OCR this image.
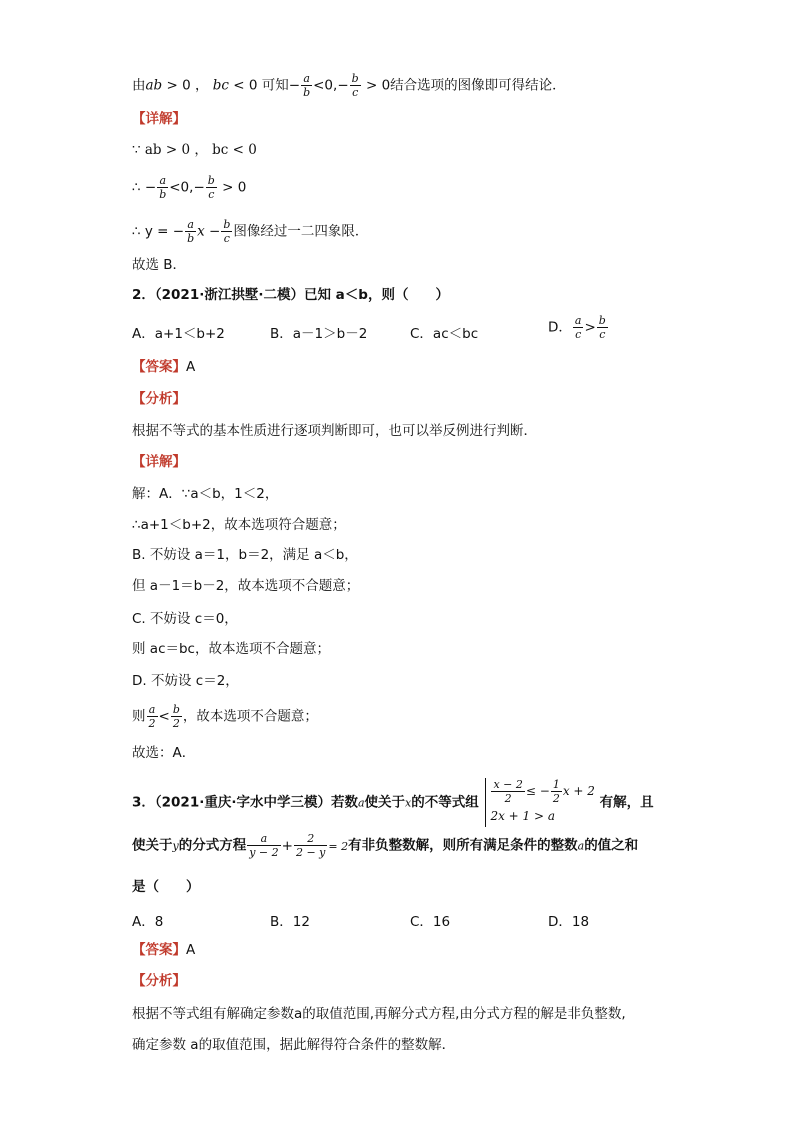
由ab > 0 ， bc < 0 可知− $\frac{a}{b} <0,- \frac{b}{c} > 0$结合选项的图像即可得结论．
【详解】
∵ ab > 0 ， bc < 0
∴ − $\frac{a}{b} <0,- \frac{b}{c} > 0$
∴ y = − $\frac{a}{b}$ $x - \frac{b}{c}$ 图像经过一二四象限．
故选 B．
2．（2021·浙江拱墅·二模）已知 a＜b，则（　　）
A．a+1＜b+2	B．a－1＞b－2	C．ac＜bc	D． $\frac{a}{c} > \frac{b}{c}$
【答案】A
【分析】
根据不等式的基本性质进行逐项判断即可，也可以举反例进行判断．
【详解】
解：A．∵a＜b，1＜2，
∴a+1＜b+2，故本选项符合题意；
B. 不妨设 a＝1，b＝2，满足 a＜b，
但 a－1＝b－2，故本选项不合题意；
C. 不妨设 c＝0，
则 ac＝bc，故本选项不合题意；
D. 不妨设 c＝2，
则 $\frac{a}{2} < \frac{b}{2}$ ，故本选项不合题意；
故选：A．
3．（2021·重庆·字水中学三模）若数a使关于x的不等式组 $\frac{x - 2}{2}$ ≤ − $\frac{1}{2}$ x + 2
2x + 1 > a
有解，且
使关于y的分式方程 $\frac{a}{y - 2} + \frac{2}{2 - y} = 2$有非负整数解，则所有满足条件的整数a的值之和
是（　　）
A．8	B．12	C．16	D．18
【答案】A
【分析】
根据不等式组有解确定参数a的取值范围,再解分式方程,由分式方程的解是非负整数,
确定参数 a的取值范围，据此解得符合条件的整数解．
